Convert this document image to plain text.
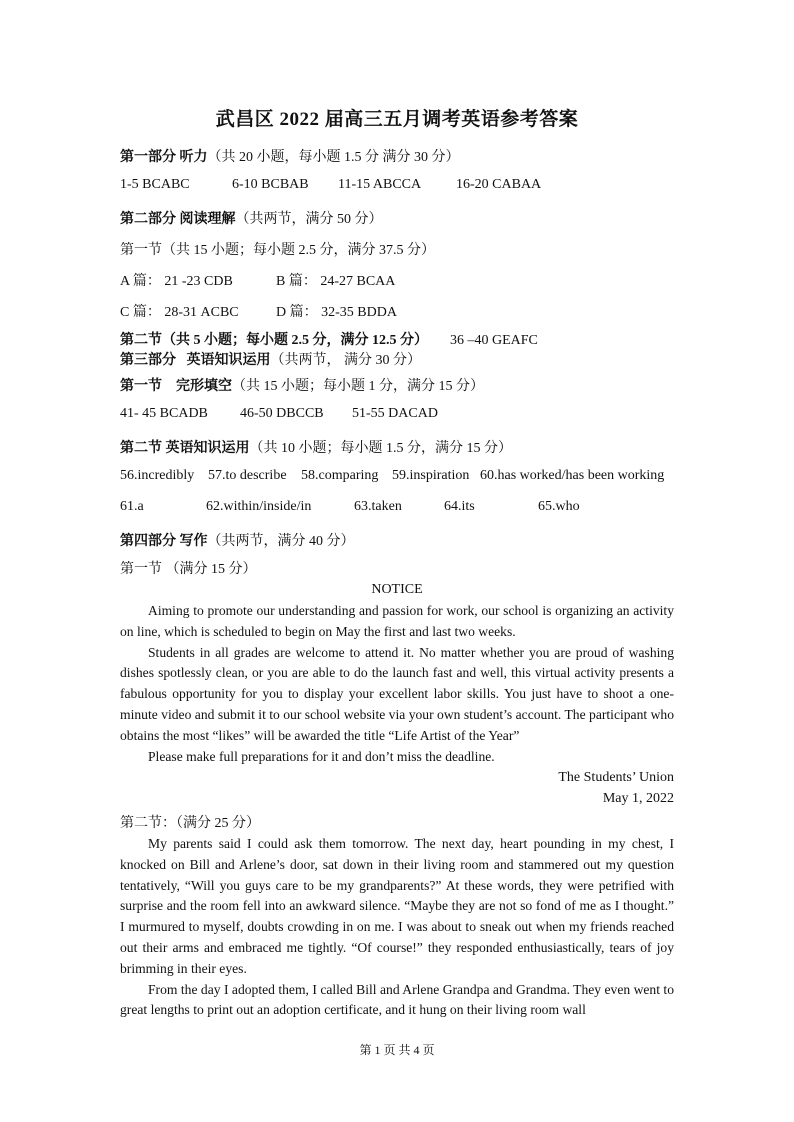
武昌区 2022 届高三五月调考英语参考答案
第一部分 听力（共 20 小题，每小题 1.5 分 满分 30 分）
1-5 BCABC	6-10 BCBAB 11-15 ABCCA 16-20 CABAA
第二部分 阅读理解（共两节，满分 50 分）
第一节（共 15 小题；每小题 2.5 分，满分 37.5 分）
A 篇： 21 -23 CDB	B 篇： 24-27 BCAA
C 篇： 28-31 ACBC	D 篇： 32-35 BDDA
第二节（共 5 小题；每小题 2.5 分，满分 12.5 分） 36 –40 GEAFC
第三部分 英语知识运用（共两节， 满分 30 分）
第一节 完形填空（共 15 小题；每小题 1 分，满分 15 分）
41- 45 BCADB 46-50 DBCCB 51-55 DACAD
第二节 英语知识运用（共 10 小题；每小题 1.5 分，满分 15 分）
56.incredibly 57.to describe 58.comparing 59.inspiration 60.has worked/has been working
61.a	62.within/inside/in	63.taken	64.its	65.who
第四部分 写作（共两节，满分 40 分）
第一节 （满分 15 分）
NOTICE

Aiming to promote our understanding and passion for work, our school is organizing an activity on line, which is scheduled to begin on May the first and last two weeks.

Students in all grades are welcome to attend it. No matter whether you are proud of washing dishes spotlessly clean, or you are able to do the launch fast and well, this virtual activity presents a fabulous opportunity for you to display your excellent labor skills. You just have to shoot a one-minute video and submit it to our school website via your own student’s account. The participant who obtains the most “likes” will be awarded the title “Life Artist of the Year”

Please make full preparations for it and don’t miss the deadline.

The Students’ Union
May 1, 2022
第二节：（满分 25 分）

My parents said I could ask them tomorrow. The next day, heart pounding in my chest, I knocked on Bill and Arlene’s door, sat down in their living room and stammered out my question tentatively, “Will you guys care to be my grandparents?” At these words, they were petrified with surprise and the room fell into an awkward silence. “Maybe they are not so fond of me as I thought.” I murmured to myself, doubts crowding in on me. I was about to sneak out when my friends reached out their arms and embraced me tightly. “Of course!” they responded enthusiastically, tears of joy brimming in their eyes.

From the day I adopted them, I called Bill and Arlene Grandpa and Grandma. They even went to great lengths to print out an adoption certificate, and it hung on their living room wall

第 1 页 共 4 页
